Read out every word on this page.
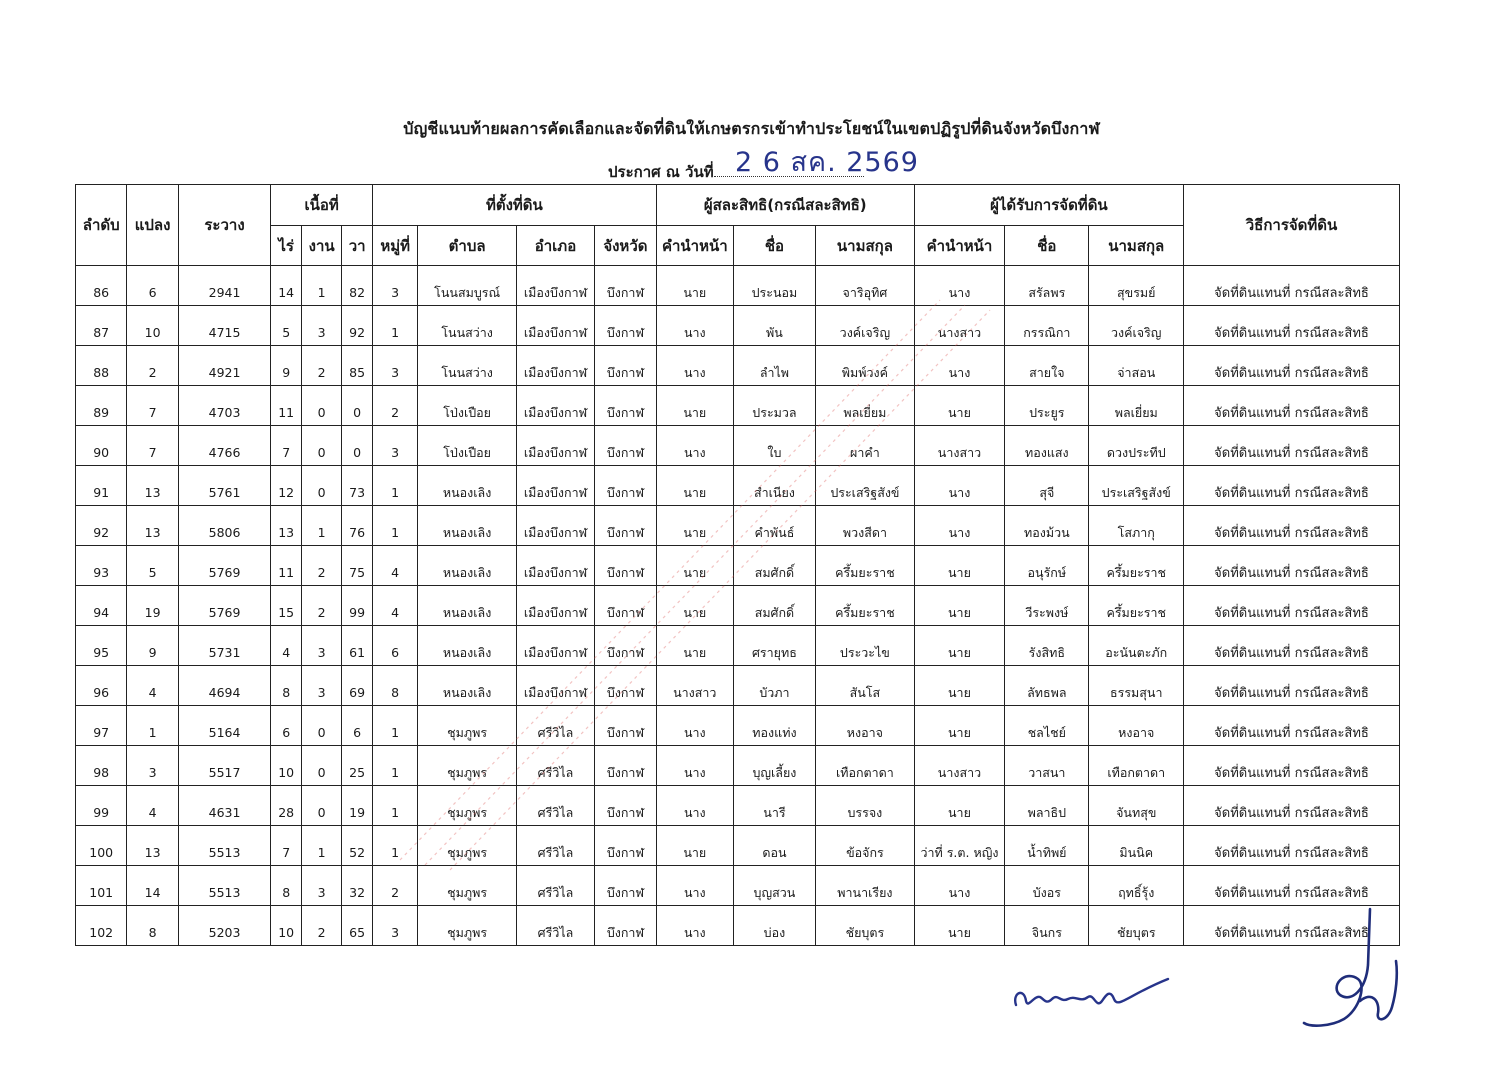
บัญชีแนบท้ายผลการคัดเลือกและจัดที่ดินให้เกษตรกรเข้าทำประโยชน์ในเขตปฏิรูปที่ดินจังหวัดบึงกาฬ
ประกาศ ณ วันที่ 2 6 สค. 2569
ลำดับ	แปลง	ระวาง	เนื้อที่			ที่ตั้งที่ดิน				ผู้สละสิทธิ(กรณีสละสิทธิ)			ผู้ได้รับการจัดที่ดิน			วิธีการจัดที่ดิน
			ไร่	งาน	วา	หมู่ที่	ตำบล	อำเภอ	จังหวัด	คำนำหน้า	ชื่อ	นามสกุล	คำนำหน้า	ชื่อ	นามสกุล	
86	6	2941	14	1	82	3	โนนสมบูรณ์	เมืองบึงกาฬ	บึงกาฬ	นาย	ประนอม	จาริอุทิศ	นาง	สรัลพร	สุขรมย์	จัดที่ดินแทนที่ กรณีสละสิทธิ
87	10	4715	5	3	92	1	โนนสว่าง	เมืองบึงกาฬ	บึงกาฬ	นาง	พัน	วงค์เจริญ	นางสาว	กรรณิกา	วงค์เจริญ	จัดที่ดินแทนที่ กรณีสละสิทธิ
88	2	4921	9	2	85	3	โนนสว่าง	เมืองบึงกาฬ	บึงกาฬ	นาง	ลำไพ	พิมพ์วงค์	นาง	สายใจ	จ่าสอน	จัดที่ดินแทนที่ กรณีสละสิทธิ
89	7	4703	11	0	0	2	โป่งเปือย	เมืองบึงกาฬ	บึงกาฬ	นาย	ประมวล	พลเยี่ยม	นาย	ประยูร	พลเยี่ยม	จัดที่ดินแทนที่ กรณีสละสิทธิ
90	7	4766	7	0	0	3	โป่งเปือย	เมืองบึงกาฬ	บึงกาฬ	นาง	ใบ	ผาคำ	นางสาว	ทองแสง	ดวงประทีป	จัดที่ดินแทนที่ กรณีสละสิทธิ
91	13	5761	12	0	73	1	หนองเลิง	เมืองบึงกาฬ	บึงกาฬ	นาย	สำเนียง	ประเสริฐสังข์	นาง	สุจี	ประเสริฐสังข์	จัดที่ดินแทนที่ กรณีสละสิทธิ
92	13	5806	13	1	76	1	หนองเลิง	เมืองบึงกาฬ	บึงกาฬ	นาย	คำพันธ์	พวงสีดา	นาง	ทองม้วน	โสภากุ	จัดที่ดินแทนที่ กรณีสละสิทธิ
93	5	5769	11	2	75	4	หนองเลิง	เมืองบึงกาฬ	บึงกาฬ	นาย	สมศักดิ์	ครึ้มยะราช	นาย	อนุรักษ์	ครึ้มยะราช	จัดที่ดินแทนที่ กรณีสละสิทธิ
94	19	5769	15	2	99	4	หนองเลิง	เมืองบึงกาฬ	บึงกาฬ	นาย	สมศักดิ์	ครึ้มยะราช	นาย	วีระพงษ์	ครึ้มยะราช	จัดที่ดินแทนที่ กรณีสละสิทธิ
95	9	5731	4	3	61	6	หนองเลิง	เมืองบึงกาฬ	บึงกาฬ	นาย	ศรายุทธ	ประวะไข	นาย	รังสิทธิ	อะนันตะภัก	จัดที่ดินแทนที่ กรณีสละสิทธิ
96	4	4694	8	3	69	8	หนองเลิง	เมืองบึงกาฬ	บึงกาฬ	นางสาว	บัวภา	สันโส	นาย	ลัทธพล	ธรรมสุนา	จัดที่ดินแทนที่ กรณีสละสิทธิ
97	1	5164	6	0	6	1	ชุมภูพร	ศรีวิไล	บึงกาฬ	นาง	ทองแท่ง	หงอาจ	นาย	ชลไชย์	หงอาจ	จัดที่ดินแทนที่ กรณีสละสิทธิ
98	3	5517	10	0	25	1	ชุมภูพร	ศรีวิไล	บึงกาฬ	นาง	บุญเลี้ยง	เทือกตาดา	นางสาว	วาสนา	เทือกตาดา	จัดที่ดินแทนที่ กรณีสละสิทธิ
99	4	4631	28	0	19	1	ชุมภูพร	ศรีวิไล	บึงกาฬ	นาง	นารี	บรรจง	นาย	พลาธิป	จันทสุข	จัดที่ดินแทนที่ กรณีสละสิทธิ
100	13	5513	7	1	52	1	ชุมภูพร	ศรีวิไล	บึงกาฬ	นาย	ดอน	ข้อจักร	ว่าที่ ร.ต. หญิง	น้ำทิพย์	มินนิค	จัดที่ดินแทนที่ กรณีสละสิทธิ
101	14	5513	8	3	32	2	ชุมภูพร	ศรีวิไล	บึงกาฬ	นาง	บุญสวน	พานาเรียง	นาง	บังอร	ฤทธิ์รุ้ง	จัดที่ดินแทนที่ กรณีสละสิทธิ
102	8	5203	10	2	65	3	ชุมภูพร	ศรีวิไล	บึงกาฬ	นาง	บ่อง	ชัยบุตร	นาย	จินกร	ชัยบุตร	จัดที่ดินแทนที่ กรณีสละสิทธิ
